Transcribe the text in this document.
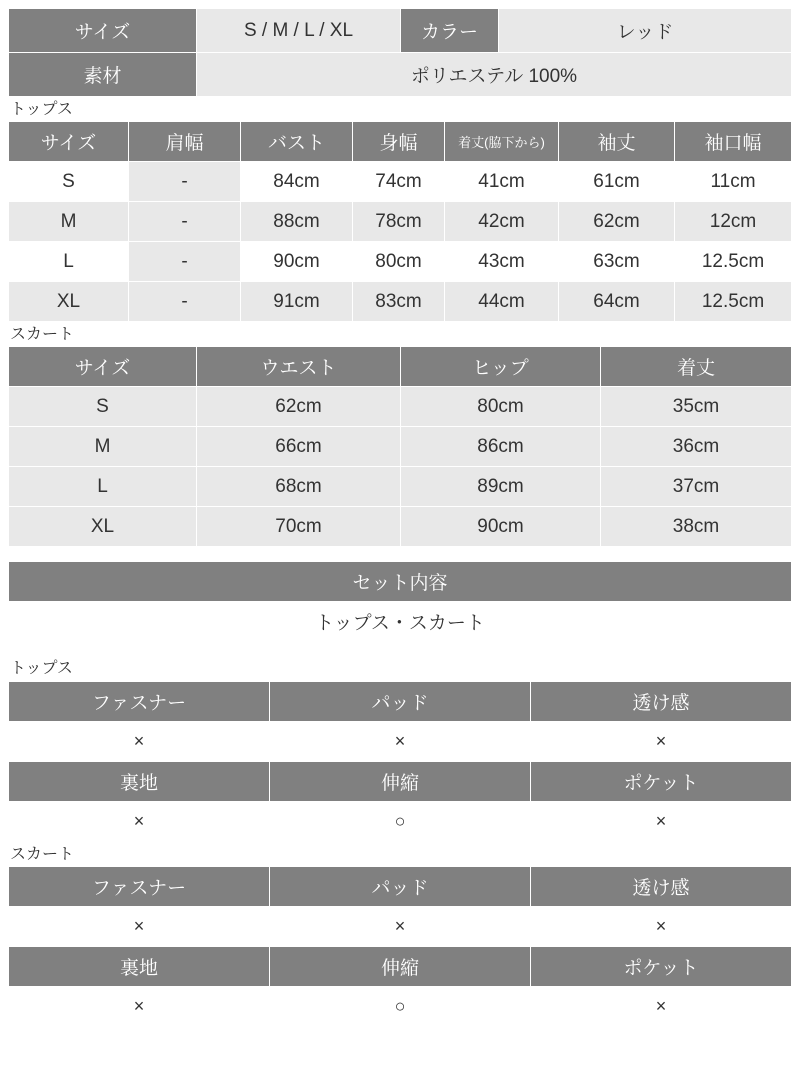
サイズ	S / M / L / XL	カラー	レッド
素材	ポリエステル 100%		
トップス
サイズ	肩幅	バスト	身幅	着丈(脇下から)	袖丈	袖口幅
S	-	84cm	74cm	41cm	61cm	11cm
M	-	88cm	78cm	42cm	62cm	12cm
L	-	90cm	80cm	43cm	63cm	12.5cm
XL	-	91cm	83cm	44cm	64cm	12.5cm
スカート
サイズ	ウエスト	ヒップ	着丈
S	62cm	80cm	35cm
M	66cm	86cm	36cm
L	68cm	89cm	37cm
XL	70cm	90cm	38cm
セット内容
トップス・スカート
トップス
ファスナー	パッド	透け感
×	×	×
裏地	伸縮	ポケット
×	○	×
スカート
ファスナー	パッド	透け感
×	×	×
裏地	伸縮	ポケット
×	○	×
